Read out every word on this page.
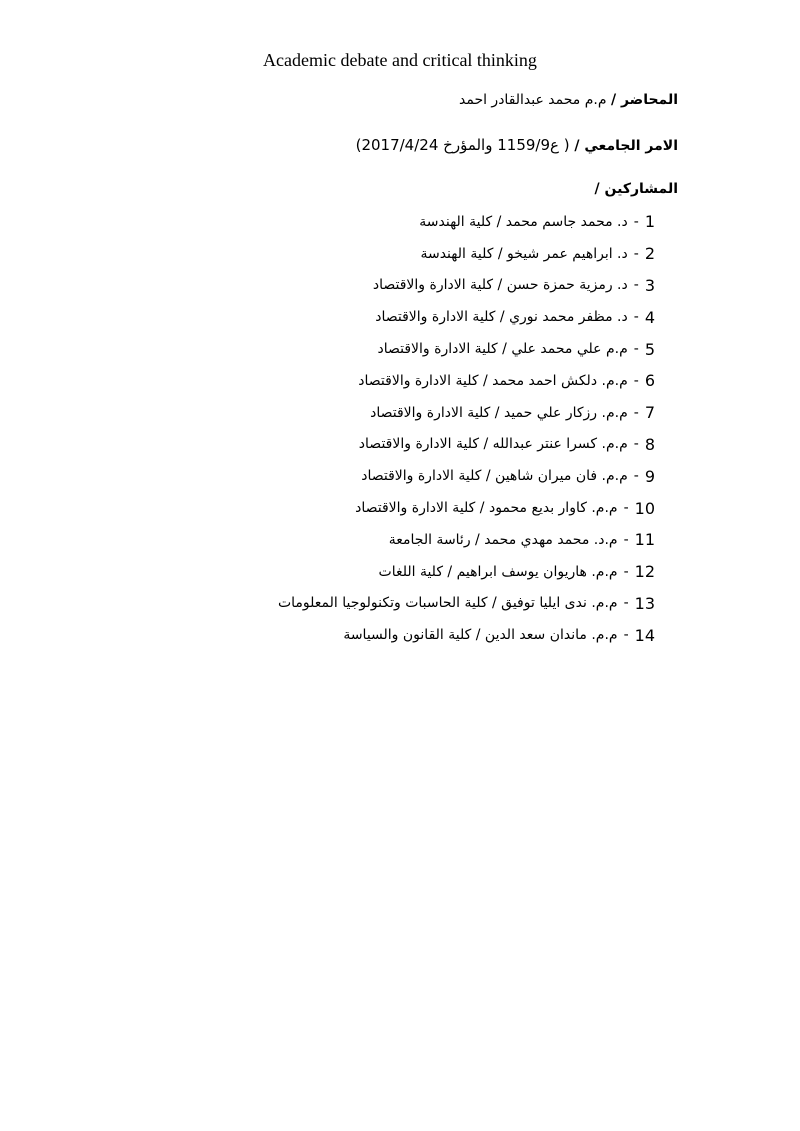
Academic debate and critical thinking
المحاضر / م.م محمد عبدالقادر احمد
الامر الجامعي / ( ع1159/9 والمؤرخ 2017/4/24)
المشاركين /
1
-
د. محمد جاسم محمد / كلية الهندسة
2
-
د. ابراهيم عمر شيخو / كلية الهندسة
3
-
د. رمزية حمزة حسن / كلية الادارة والاقتصاد
4
-
د. مظفر محمد نوري / كلية الادارة والاقتصاد
5
-
م.م علي محمد علي / كلية الادارة والاقتصاد
6
-
م.م. دلكش احمد محمد / كلية الادارة والاقتصاد
7
-
م.م. رزكار علي حميد / كلية الادارة والاقتصاد
8
-
م.م. كسرا عنتر عبدالله / كلية الادارة والاقتصاد
9
-
م.م. فان ميران شاهين / كلية الادارة والاقتصاد
10
-
م.م. كاوار بديع محمود / كلية الادارة والاقتصاد
11
-
م.د. محمد مهدي محمد / رئاسة الجامعة
12
-
م.م. هاريوان يوسف ابراهيم / كلية اللغات
13
-
م.م. ندى ايليا توفيق / كلية الحاسبات وتكنولوجيا المعلومات
14
-
م.م. ماندان سعد الدين / كلية القانون والسياسة
